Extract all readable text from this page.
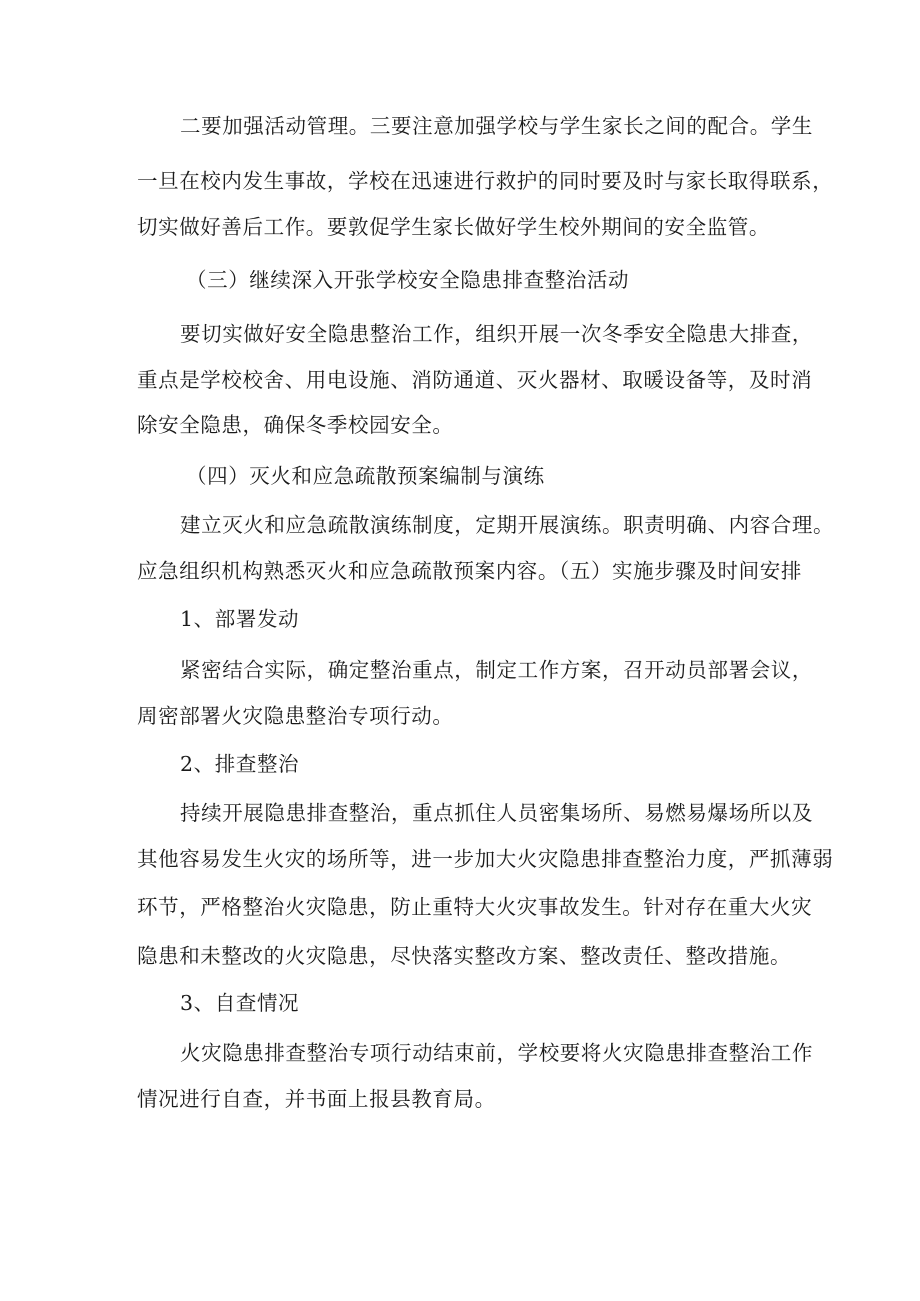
二要加强活动管理。三要注意加强学校与学生家长之间的配合。学生
一旦在校内发生事故，学校在迅速进行救护的同时要及时与家长取得联系，
切实做好善后工作。要敦促学生家长做好学生校外期间的安全监管。
（三）继续深入开张学校安全隐患排查整治活动
要切实做好安全隐患整治工作，组织开展一次冬季安全隐患大排查，
重点是学校校舍、用电设施、消防通道、灭火器材、取暖设备等，及时消
除安全隐患，确保冬季校园安全。
（四）灭火和应急疏散预案编制与演练
建立灭火和应急疏散演练制度，定期开展演练。职责明确、内容合理。
应急组织机构熟悉灭火和应急疏散预案内容。（五）实施步骤及时间安排
1、部署发动
紧密结合实际，确定整治重点，制定工作方案，召开动员部署会议，
周密部署火灾隐患整治专项行动。
2、排查整治
持续开展隐患排查整治，重点抓住人员密集场所、易燃易爆场所以及
其他容易发生火灾的场所等，进一步加大火灾隐患排查整治力度，严抓薄弱
环节，严格整治火灾隐患，防止重特大火灾事故发生。针对存在重大火灾
隐患和未整改的火灾隐患，尽快落实整改方案、整改责任、整改措施。
3、自查情况
火灾隐患排查整治专项行动结束前，学校要将火灾隐患排查整治工作
情况进行自查，并书面上报县教育局。
